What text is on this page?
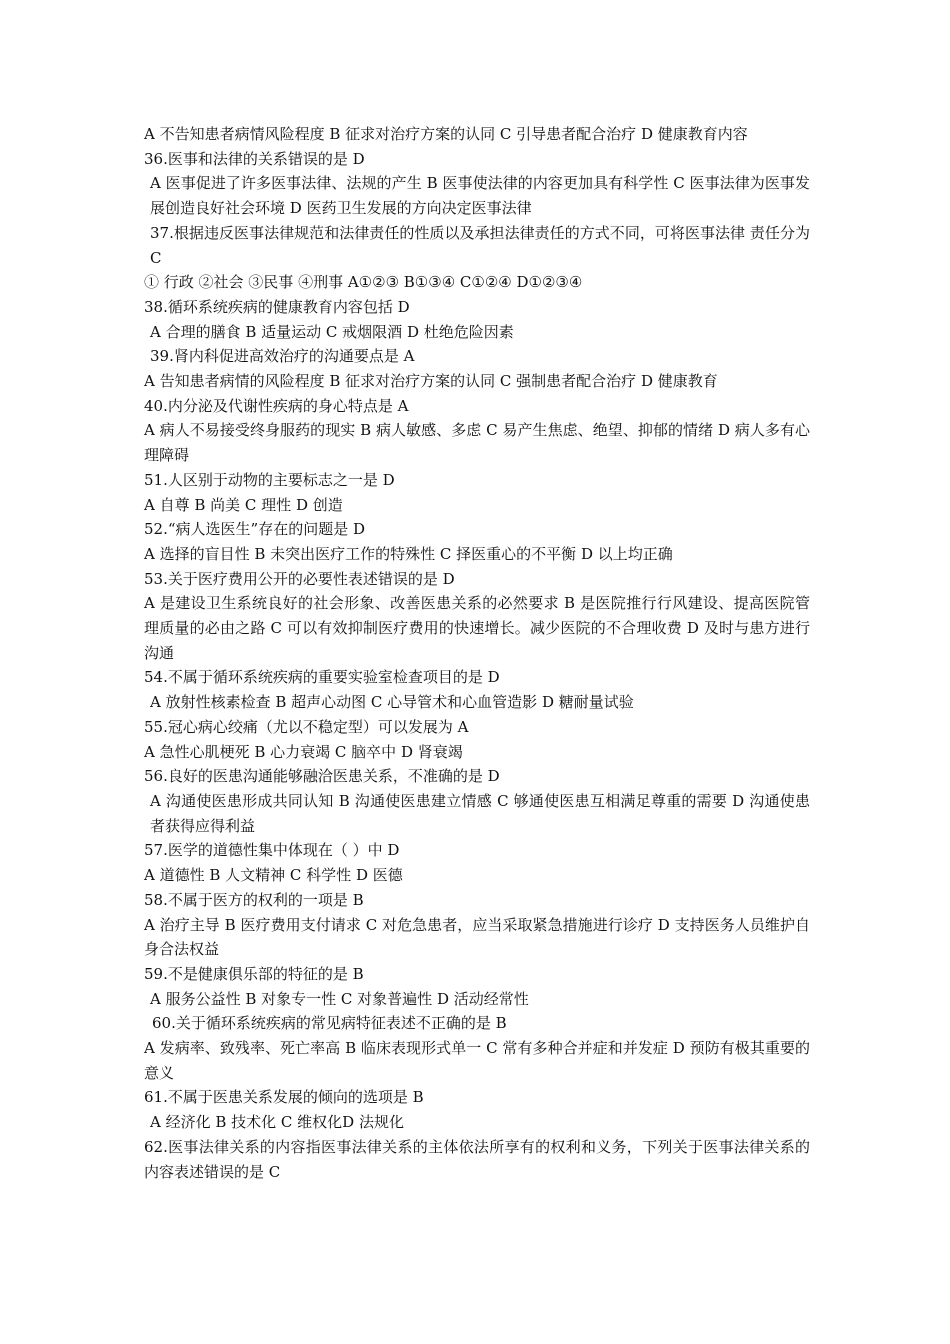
A 不告知患者病情风险程度 B 征求对治疗方案的认同 C 引导患者配合治疗 D 健康教育内容

36.医事和法律的关系错误的是 D

A 医事促进了许多医事法律、法规的产生 B 医事使法律的内容更加具有科学性 C 医事法律为医事发展创造良好社会环境 D 医药卫生发展的方向决定医事法律

37.根据违反医事法律规范和法律责任的性质以及承担法律责任的方式不同，可将医事法律 责任分为 C

① 行政 ②社会 ③民事 ④刑事 A①②③ B①③④ C①②④ D①②③④

38.循环系统疾病的健康教育内容包括 D

A 合理的膳食 B 适量运动 C 戒烟限酒 D 杜绝危险因素

39.肾内科促进高效治疗的沟通要点是 A

A 告知患者病情的风险程度 B 征求对治疗方案的认同 C 强制患者配合治疗 D 健康教育

40.内分泌及代谢性疾病的身心特点是 A

A 病人不易接受终身服药的现实 B 病人敏感、多虑 C 易产生焦虑、绝望、抑郁的情绪 D 病人多有心理障碍

51.人区别于动物的主要标志之一是 D

A 自尊 B 尚美 C 理性 D 创造

52.“病人选医生”存在的问题是 D

A 选择的盲目性 B 未突出医疗工作的特殊性 C 择医重心的不平衡 D 以上均正确

53.关于医疗费用公开的必要性表述错误的是 D

A 是建设卫生系统良好的社会形象、改善医患关系的必然要求 B 是医院推行行风建设、提高医院管理质量的必由之路 C 可以有效抑制医疗费用的快速增长。减少医院的不合理收费 D 及时与患方进行沟通

54.不属于循环系统疾病的重要实验室检查项目的是 D

A 放射性核素检查 B 超声心动图 C 心导管术和心血管造影 D 糖耐量试验

55.冠心病心绞痛（尤以不稳定型）可以发展为 A

A 急性心肌梗死 B 心力衰竭 C 脑卒中 D 肾衰竭

56.良好的医患沟通能够融洽医患关系，不准确的是 D

A 沟通使医患形成共同认知 B 沟通使医患建立情感 C 够通使医患互相满足尊重的需要 D 沟通使患者获得应得利益

57.医学的道德性集中体现在（ ）中 D

A 道德性 B 人文精神 C 科学性 D 医德

58.不属于医方的权利的一项是 B

A 治疗主导 B 医疗费用支付请求 C 对危急患者，应当采取紧急措施进行诊疗 D 支持医务人员维护自身合法权益

59.不是健康俱乐部的特征的是 B

A 服务公益性 B 对象专一性 C 对象普遍性 D 活动经常性

60.关于循环系统疾病的常见病特征表述不正确的是 B

A 发病率、致残率、死亡率高 B 临床表现形式单一 C 常有多种合并症和并发症 D 预防有极其重要的意义

61.不属于医患关系发展的倾向的选项是 B

A 经济化 B 技术化 C 维权化D 法规化

62.医事法律关系的内容指医事法律关系的主体依法所享有的权利和义务，下列关于医事法律关系的内容表述错误的是 C
